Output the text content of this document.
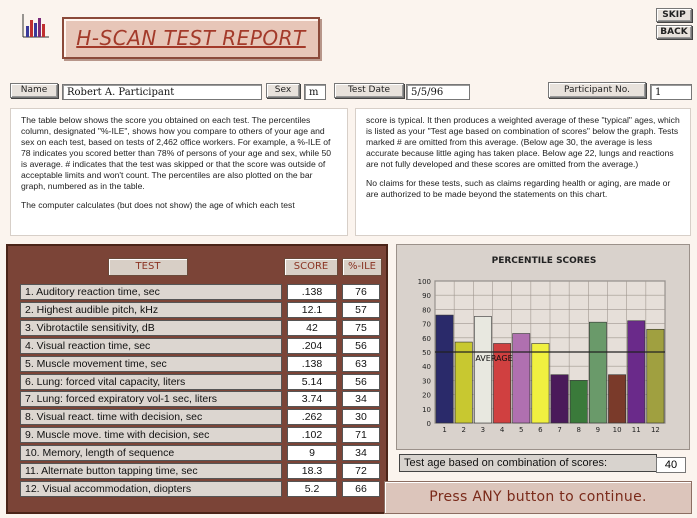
H-SCAN TEST REPORT
SKIP
BACK
Name	Robert A. Participant	Sex	m	Test Date	5/5/96	Participant No.	1

The table below shows the score you obtained on each test. The percentiles column, designated "%-ILE", shows how you compare to others of your age and sex on each test, based on tests of 2,462 office workers. For example, a %-ILE of 78 indicates you scored better than 78% of persons of your age and sex, while 50 is average. # indicates that the test was skipped or that the score was outside of acceptable limits and won't count. The percentiles are also plotted on the bar graph, numbered as in the table.

The computer calculates (but does not show) the age of which each test

score is typical. It then produces a weighted average of these "typical" ages, which is listed as your "Test age based on combination of scores" below the graph. Tests marked # are omitted from this average. (Below age 30, the average is less accurate because little aging has taken place. Below age 22, lungs and reactions are not fully developed and these scores are omitted from the average.)

No claims for these tests, such as claims regarding health or aging, are made or are authorized to be made beyond the statements on this chart.

TEST	SCORE	%-ILE
1. Auditory reaction time, sec	.138	76
2. Highest audible pitch, kHz	12.1	57
3. Vibrotactile sensitivity, dB	42	75
4. Visual reaction time, sec	.204	56
5. Muscle movement time, sec	.138	63
6. Lung: forced vital capacity, liters	5.14	56
7. Lung: forced expiratory vol-1 sec, liters	3.74	34
8. Visual react. time with decision, sec	.262	30
9. Muscle move. time with decision, sec	.102	71
10. Memory, length of sequence	9	34
11. Alternate button tapping time, sec	18.3	72
12. Visual accommodation, diopters	5.2	66
PERCENTILE SCORES
0
10
20
30
40
50
60
70
80
90
100
1 2 3 4 5 6 7 8 9 10 11 12
AVERAGE
Test age based on combination of scores:	40
Press ANY button to continue.
